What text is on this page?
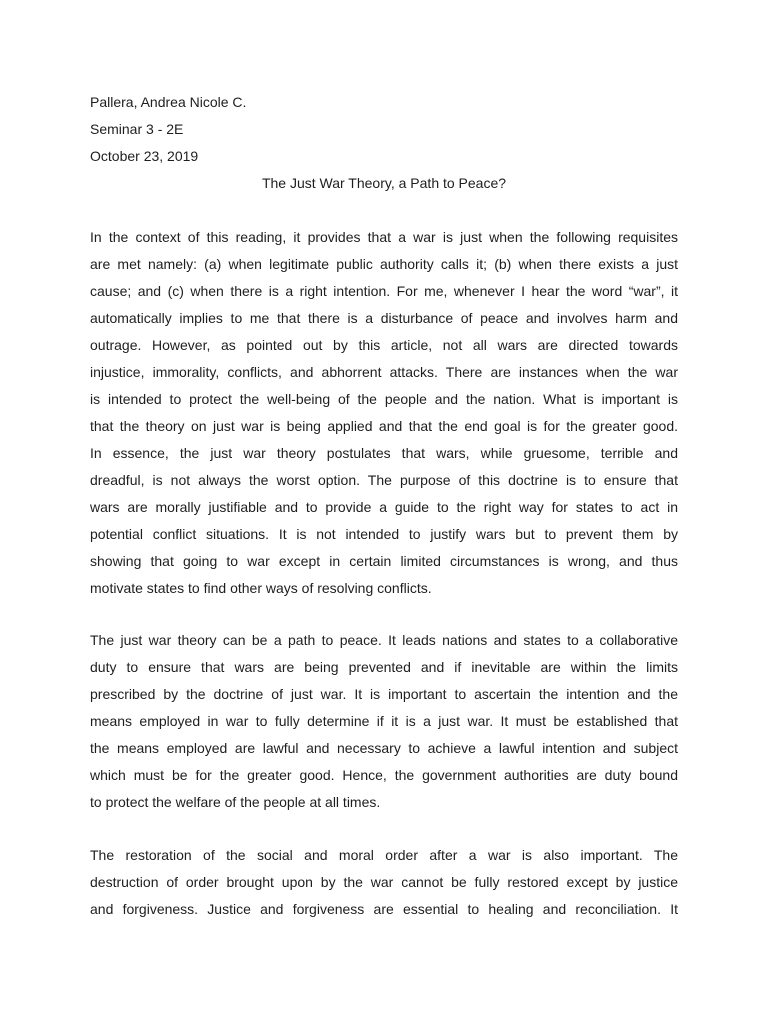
Pallera, Andrea Nicole C.
Seminar 3 - 2E
October 23, 2019
The Just War Theory, a Path to Peace?
In the context of this reading, it provides that a war is just when the following requisites
are met namely: (a) when legitimate public authority calls it; (b) when there exists a just
cause; and (c) when there is a right intention. For me, whenever I hear the word “war”, it
automatically implies to me that there is a disturbance of peace and involves harm and
outrage. However, as pointed out by this article, not all wars are directed towards
injustice, immorality, conflicts, and abhorrent attacks. There are instances when the war
is intended to protect the well-being of the people and the nation. What is important is
that the theory on just war is being applied and that the end goal is for the greater good.
In essence, the just war theory postulates that wars, while gruesome, terrible and
dreadful, is not always the worst option. The purpose of this doctrine is to ensure that
wars are morally justifiable and to provide a guide to the right way for states to act in
potential conflict situations. It is not intended to justify wars but to prevent them by
showing that going to war except in certain limited circumstances is wrong, and thus
motivate states to find other ways of resolving conflicts.
The just war theory can be a path to peace. It leads nations and states to a collaborative
duty to ensure that wars are being prevented and if inevitable are within the limits
prescribed by the doctrine of just war. It is important to ascertain the intention and the
means employed in war to fully determine if it is a just war. It must be established that
the means employed are lawful and necessary to achieve a lawful intention and subject
which must be for the greater good. Hence, the government authorities are duty bound
to protect the welfare of the people at all times.
The restoration of the social and moral order after a war is also important. The
destruction of order brought upon by the war cannot be fully restored except by justice
and forgiveness. Justice and forgiveness are essential to healing and reconciliation. It
